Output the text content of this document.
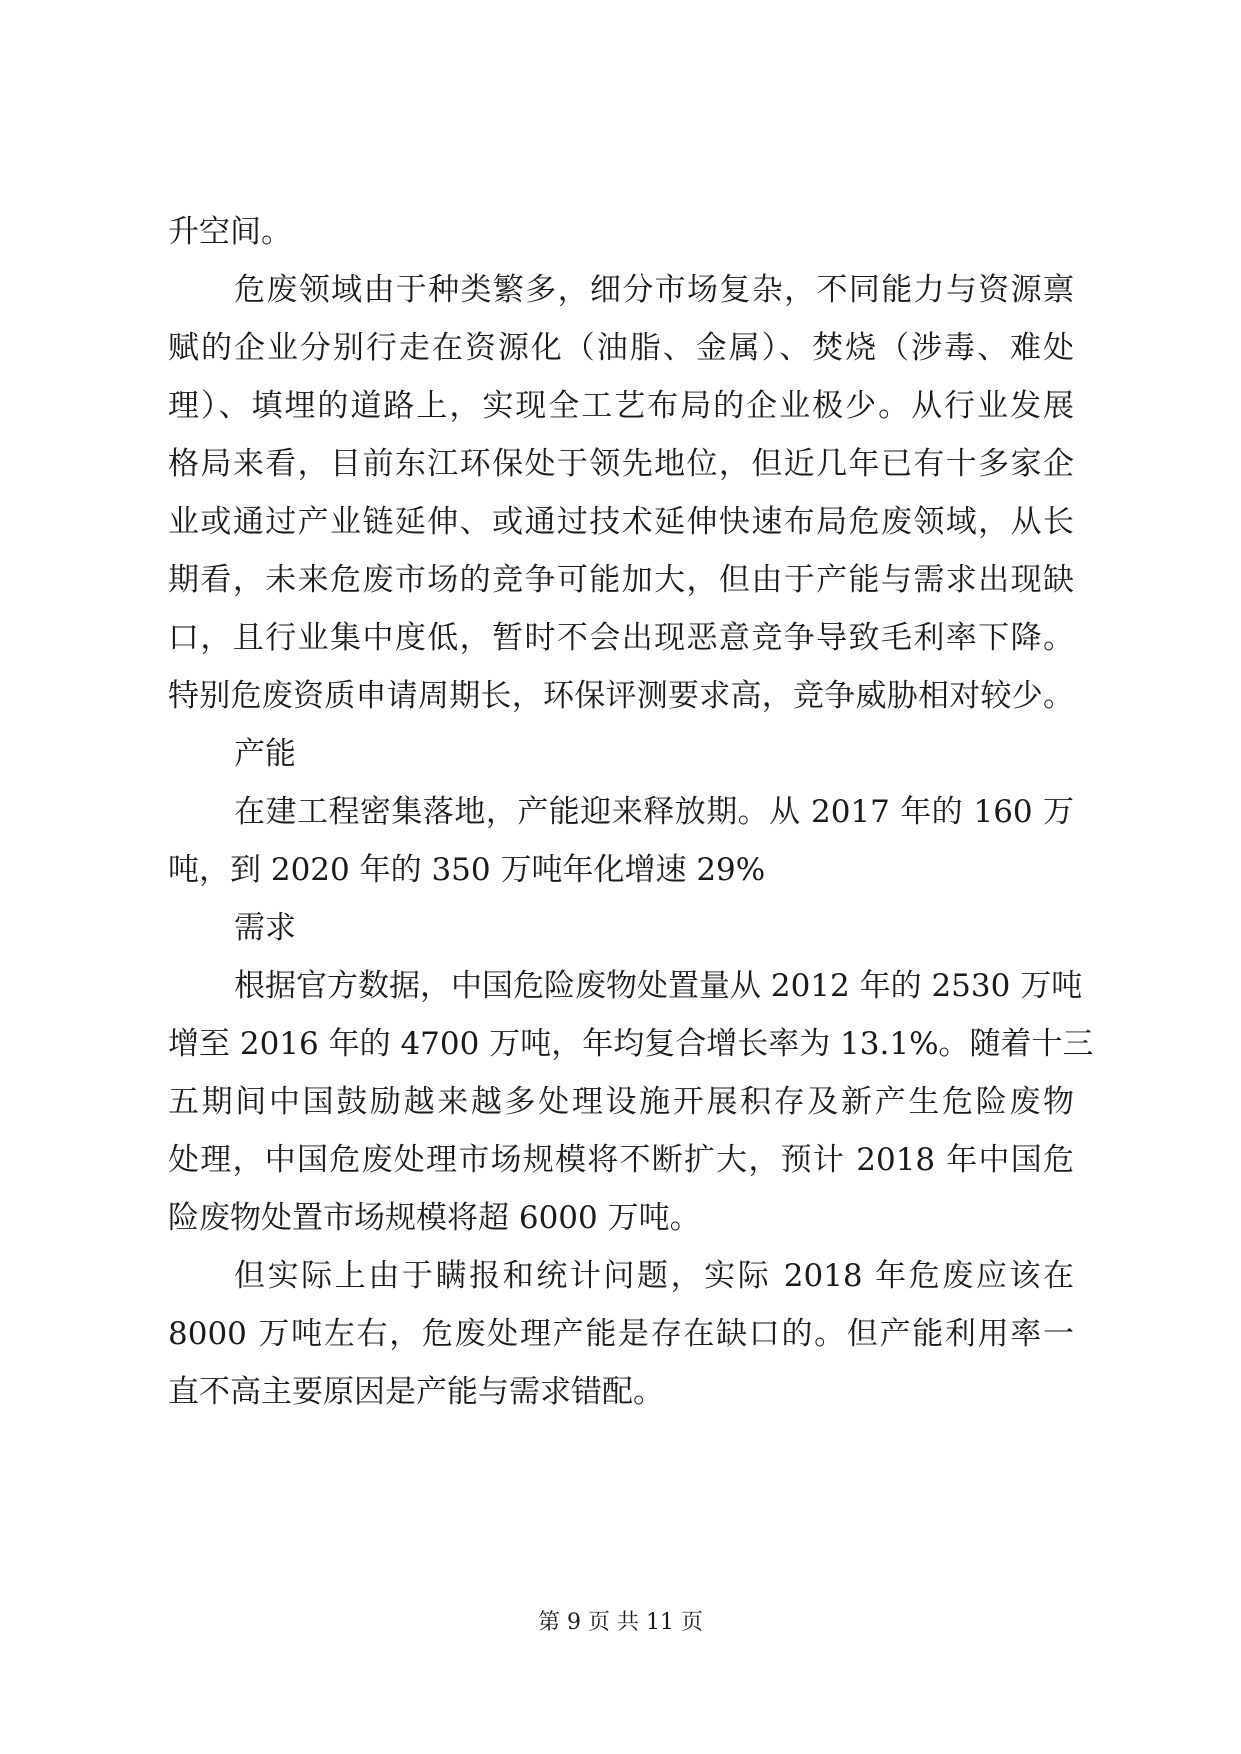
升空间。
危废领域由于种类繁多，细分市场复杂，不同能力与资源禀
赋的企业分别行走在资源化（油脂、金属）、焚烧（涉毒、难处
理）、填埋的道路上，实现全工艺布局的企业极少。从行业发展
格局来看，目前东江环保处于领先地位，但近几年已有十多家企
业或通过产业链延伸、或通过技术延伸快速布局危废领域，从长
期看，未来危废市场的竞争可能加大，但由于产能与需求出现缺
口，且行业集中度低，暂时不会出现恶意竞争导致毛利率下降。
特别危废资质申请周期长，环保评测要求高，竞争威胁相对较少。
产能
在建工程密集落地，产能迎来释放期。从 2017 年的 160 万
吨，到 2020 年的 350 万吨年化增速 29%
需求
根据官方数据，中国危险废物处置量从 2012 年的 2530 万吨
增至 2016 年的 4700 万吨，年均复合增长率为 13.1%。随着十三
五期间中国鼓励越来越多处理设施开展积存及新产生危险废物
处理，中国危废处理市场规模将不断扩大，预计 2018 年中国危
险废物处置市场规模将超 6000 万吨。
但实际上由于瞒报和统计问题，实际 2018 年危废应该在
8000 万吨左右，危废处理产能是存在缺口的。但产能利用率一
直不高主要原因是产能与需求错配。
第 9 页 共 11 页
